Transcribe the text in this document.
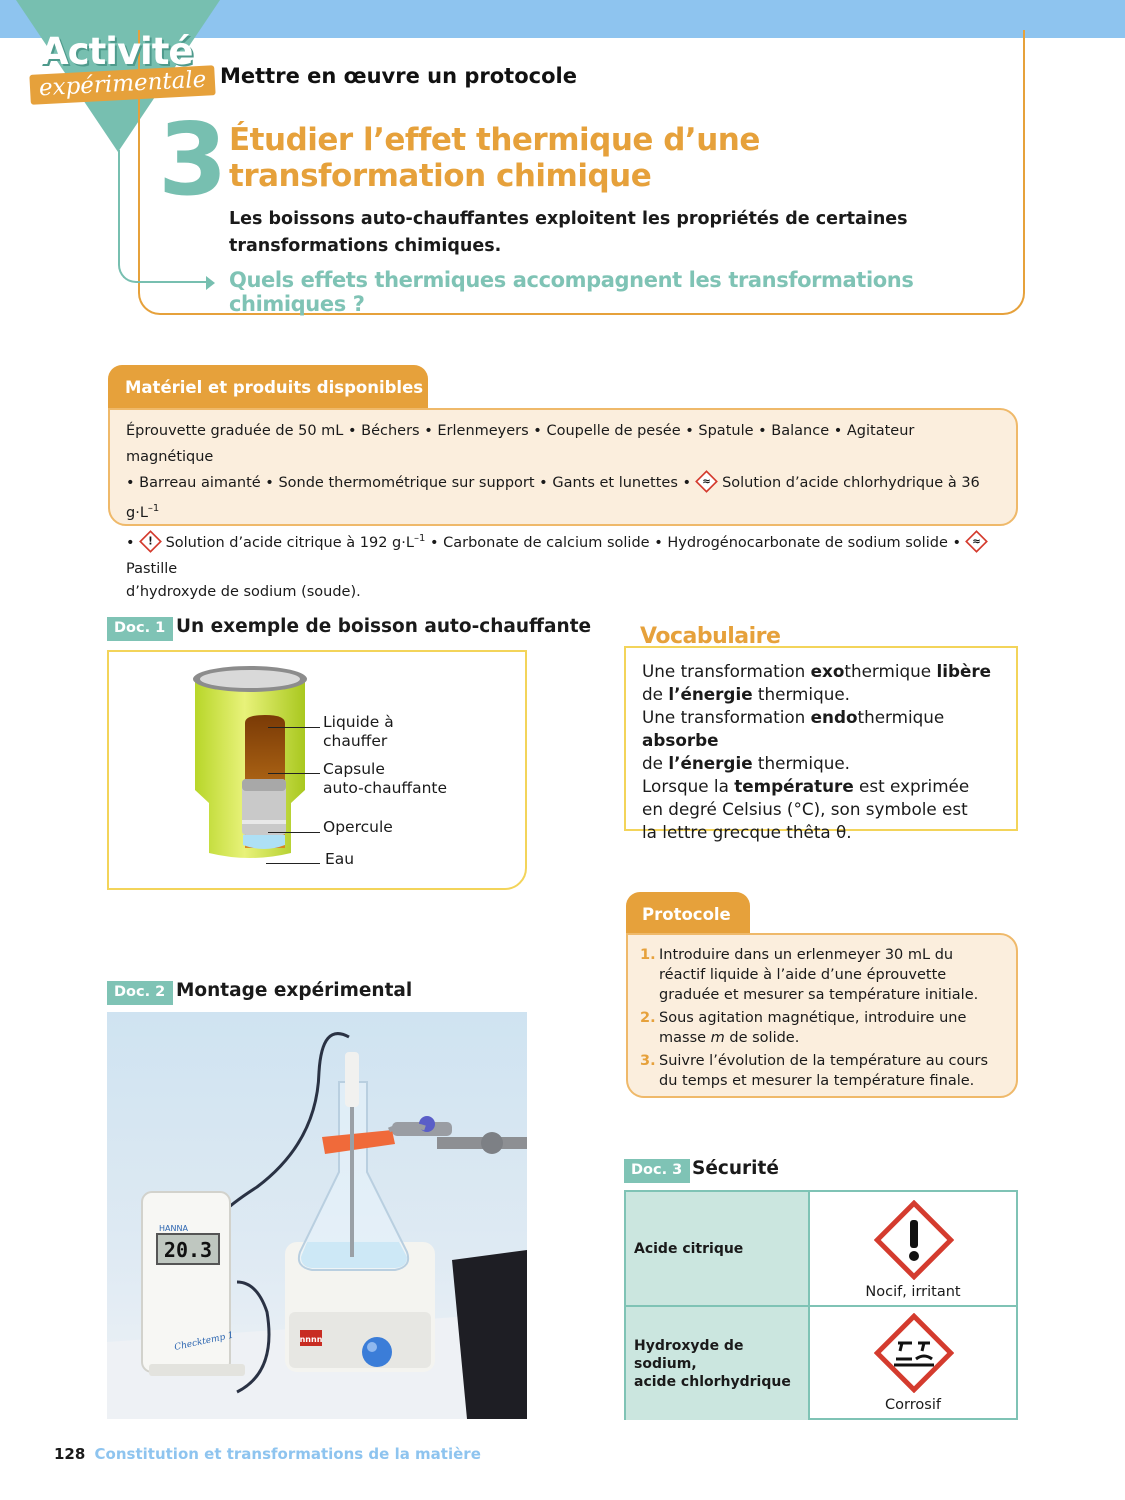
Activité
expérimentale Mettre en œuvre un protocole
3 Étudier l’effet thermique d’une transformation chimique
Les boissons auto-chauffantes exploitent les propriétés de certaines transformations chimiques.
Quels effets thermiques accompagnent les transformations chimiques ?
Matériel et produits disponibles
Éprouvette graduée de 50 mL • Béchers • Erlenmeyers • Coupelle de pesée • Spatule • Balance • Agitateur magnétique
• Barreau aimanté • Sonde thermométrique sur support • Gants et lunettes • ≈ Solution d’acide chlorhydrique à 36 $g\cdot L^{-1}$
•	! Solution d’acide citrique à 192 $g\cdot L^{-1}$ • Carbonate de calcium solide • Hydrogénocarbonate de sodium solide • ≈
Pastille
d’hydroxyde de sodium (soude).
Doc. 1 Un exemple de boisson auto-chauffante
Liquide à
chauffer
Capsule
auto-chauffante
Opercule
Eau
Une transformation exothermique libère
de l’énergie thermique.
Une transformation endothermique absorbe
de l’énergie thermique.
Lorsque la température est exprimée
en degré Celsius (°C), son symbole est
la lettre grecque thêta θ.
Vocabulaire
Protocole
1. Introduire dans un erlenmeyer 30 mL du réactif liquide à l’aide d’une éprouvette graduée et mesurer sa température initiale.
2. Sous agitation magnétique, introduire une masse m de solide.
3. Suivre l’évolution de la température au cours du temps et mesurer la température finale.
Doc. 2 Montage expérimental
nnnn
HANNA
20.3
Checktemp 1
Doc. 3 Sécurité
Acide citrique
Nocif, irritant
Hydroxyde de sodium,
acide chlorhydrique
Corrosif
128 Constitution et transformations de la matière
